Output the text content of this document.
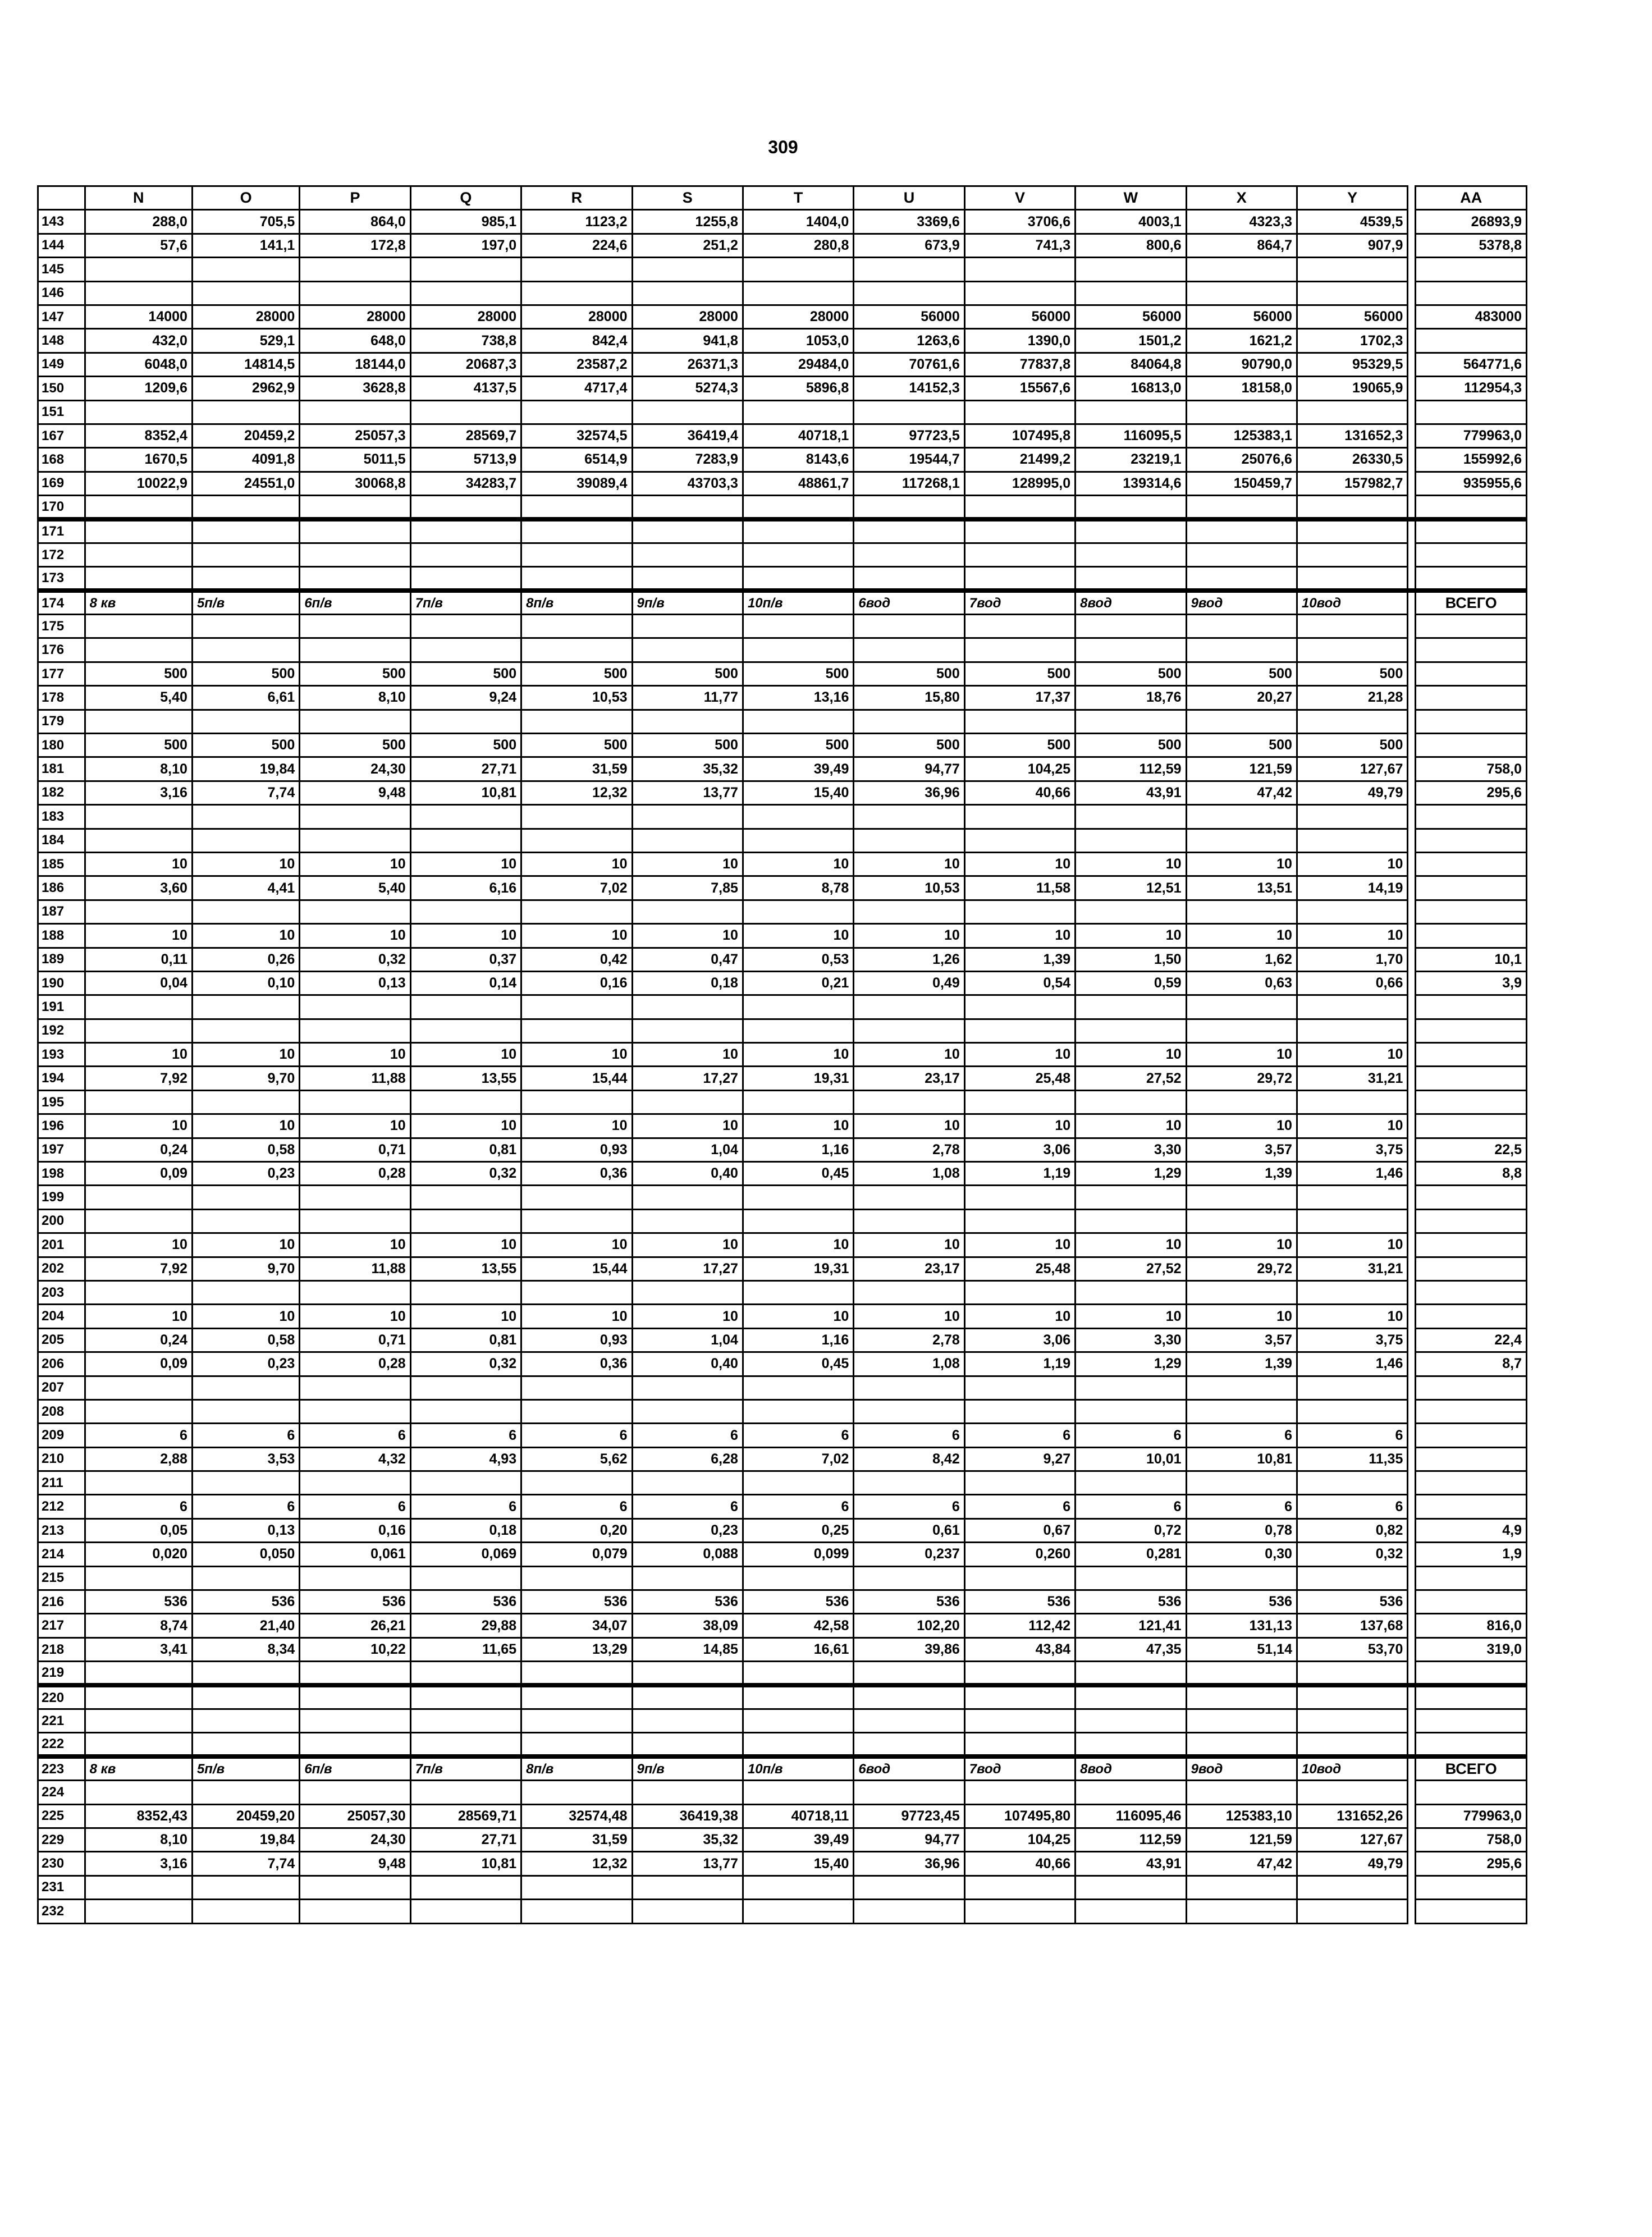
309
	N	O	P	Q	R	S	T	U	V	W	X	Y		AA
143	288,0	705,5	864,0	985,1	1123,2	1255,8	1404,0	3369,6	3706,6	4003,1	4323,3	4539,5		26893,9
144	57,6	141,1	172,8	197,0	224,6	251,2	280,8	673,9	741,3	800,6	864,7	907,9		5378,8
145														
146														
147	14000	28000	28000	28000	28000	28000	28000	56000	56000	56000	56000	56000		483000
148	432,0	529,1	648,0	738,8	842,4	941,8	1053,0	1263,6	1390,0	1501,2	1621,2	1702,3		
149	6048,0	14814,5	18144,0	20687,3	23587,2	26371,3	29484,0	70761,6	77837,8	84064,8	90790,0	95329,5		564771,6
150	1209,6	2962,9	3628,8	4137,5	4717,4	5274,3	5896,8	14152,3	15567,6	16813,0	18158,0	19065,9		112954,3
151														
167	8352,4	20459,2	25057,3	28569,7	32574,5	36419,4	40718,1	97723,5	107495,8	116095,5	125383,1	131652,3		779963,0
168	1670,5	4091,8	5011,5	5713,9	6514,9	7283,9	8143,6	19544,7	21499,2	23219,1	25076,6	26330,5		155992,6
169	10022,9	24551,0	30068,8	34283,7	39089,4	43703,3	48861,7	117268,1	128995,0	139314,6	150459,7	157982,7		935955,6
170														
171														
172														
173														
174	8 кв	5п/в	6п/в	7п/в	8п/в	9п/в	10п/в	6вод	7вод	8вод	9вод	10вод		ВСЕГО
175														
176														
177	500	500	500	500	500	500	500	500	500	500	500	500		
178	5,40	6,61	8,10	9,24	10,53	11,77	13,16	15,80	17,37	18,76	20,27	21,28		
179														
180	500	500	500	500	500	500	500	500	500	500	500	500		
181	8,10	19,84	24,30	27,71	31,59	35,32	39,49	94,77	104,25	112,59	121,59	127,67		758,0
182	3,16	7,74	9,48	10,81	12,32	13,77	15,40	36,96	40,66	43,91	47,42	49,79		295,6
183														
184														
185	10	10	10	10	10	10	10	10	10	10	10	10		
186	3,60	4,41	5,40	6,16	7,02	7,85	8,78	10,53	11,58	12,51	13,51	14,19		
187														
188	10	10	10	10	10	10	10	10	10	10	10	10		
189	0,11	0,26	0,32	0,37	0,42	0,47	0,53	1,26	1,39	1,50	1,62	1,70		10,1
190	0,04	0,10	0,13	0,14	0,16	0,18	0,21	0,49	0,54	0,59	0,63	0,66		3,9
191														
192														
193	10	10	10	10	10	10	10	10	10	10	10	10		
194	7,92	9,70	11,88	13,55	15,44	17,27	19,31	23,17	25,48	27,52	29,72	31,21		
195														
196	10	10	10	10	10	10	10	10	10	10	10	10		
197	0,24	0,58	0,71	0,81	0,93	1,04	1,16	2,78	3,06	3,30	3,57	3,75		22,5
198	0,09	0,23	0,28	0,32	0,36	0,40	0,45	1,08	1,19	1,29	1,39	1,46		8,8
199														
200														
201	10	10	10	10	10	10	10	10	10	10	10	10		
202	7,92	9,70	11,88	13,55	15,44	17,27	19,31	23,17	25,48	27,52	29,72	31,21		
203														
204	10	10	10	10	10	10	10	10	10	10	10	10		
205	0,24	0,58	0,71	0,81	0,93	1,04	1,16	2,78	3,06	3,30	3,57	3,75		22,4
206	0,09	0,23	0,28	0,32	0,36	0,40	0,45	1,08	1,19	1,29	1,39	1,46		8,7
207														
208														
209	6	6	6	6	6	6	6	6	6	6	6	6		
210	2,88	3,53	4,32	4,93	5,62	6,28	7,02	8,42	9,27	10,01	10,81	11,35		
211														
212	6	6	6	6	6	6	6	6	6	6	6	6		
213	0,05	0,13	0,16	0,18	0,20	0,23	0,25	0,61	0,67	0,72	0,78	0,82		4,9
214	0,020	0,050	0,061	0,069	0,079	0,088	0,099	0,237	0,260	0,281	0,30	0,32		1,9
215														
216	536	536	536	536	536	536	536	536	536	536	536	536		
217	8,74	21,40	26,21	29,88	34,07	38,09	42,58	102,20	112,42	121,41	131,13	137,68		816,0
218	3,41	8,34	10,22	11,65	13,29	14,85	16,61	39,86	43,84	47,35	51,14	53,70		319,0
219														
220														
221														
222														
223	8 кв	5п/в	6п/в	7п/в	8п/в	9п/в	10п/в	6вод	7вод	8вод	9вод	10вод		ВСЕГО
224														
225	8352,43	20459,20	25057,30	28569,71	32574,48	36419,38	40718,11	97723,45	107495,80	116095,46	125383,10	131652,26		779963,0
229	8,10	19,84	24,30	27,71	31,59	35,32	39,49	94,77	104,25	112,59	121,59	127,67		758,0
230	3,16	7,74	9,48	10,81	12,32	13,77	15,40	36,96	40,66	43,91	47,42	49,79		295,6
231														
232														
